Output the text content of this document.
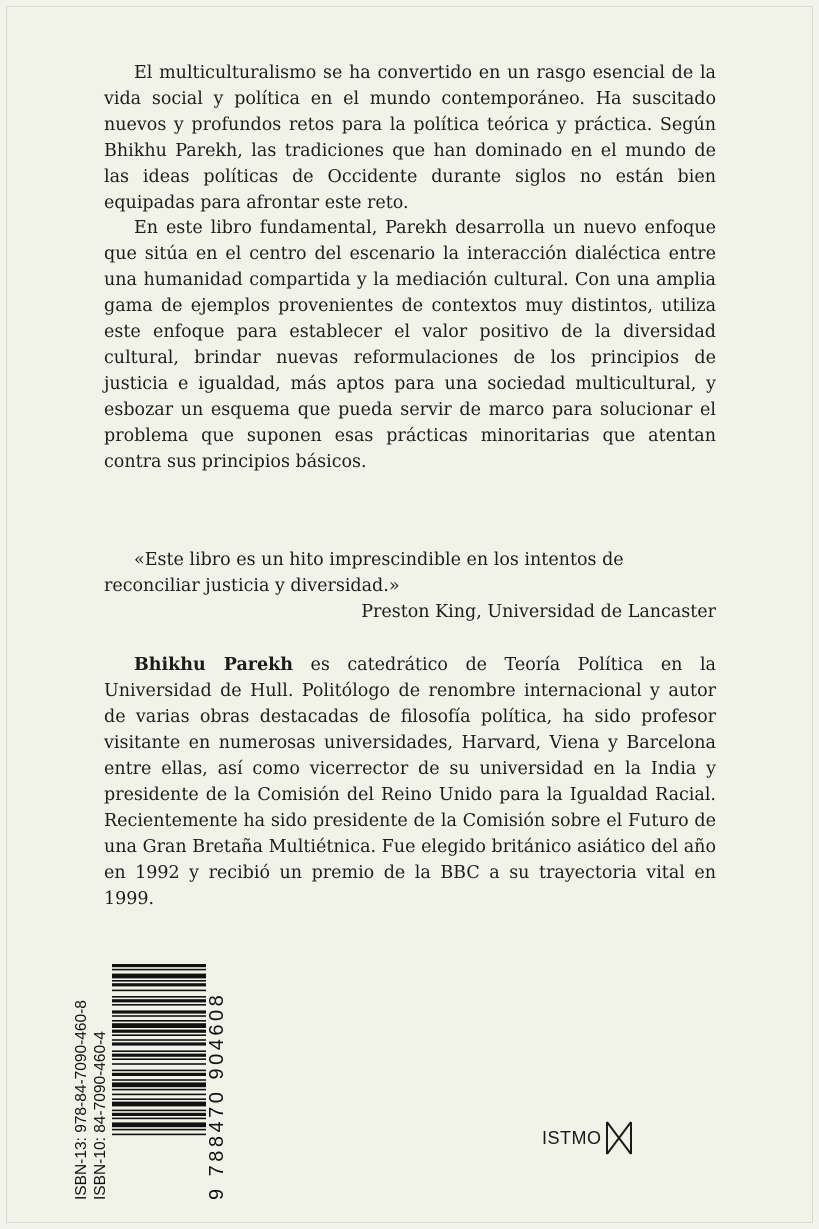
El multiculturalismo se ha convertido en un rasgo esencial de la vida social y política en el mundo contemporáneo. Ha suscitado nuevos y profundos retos para la política teórica y práctica. Según Bhikhu Parekh, las tradiciones que han dominado en el mundo de las ideas políticas de Occidente durante siglos no están bien equipadas para afrontar este reto.

En este libro fundamental, Parekh desarrolla un nuevo enfoque que sitúa en el centro del escenario la interacción dialéctica entre una humanidad compartida y la mediación cultural. Con una amplia gama de ejemplos provenientes de contextos muy distintos, utiliza este enfoque para establecer el valor positivo de la diversidad cultural, brindar nuevas reformulaciones de los principios de justicia e igualdad, más aptos para una sociedad multicultural, y esbozar un esquema que pueda servir de marco para solucionar el problema que suponen esas prácticas minoritarias que atentan contra sus principios básicos.

«Este libro es un hito imprescindible en los intentos de reconciliar justicia y diversidad.»

Preston King, Universidad de Lancaster

Bhikhu Parekh es catedrático de Teoría Política en la Universidad de Hull. Politólogo de renombre internacional y autor de varias obras destacadas de filosofía política, ha sido profesor visitante en numerosas universidades, Harvard, Viena y Barcelona entre ellas, así como vicerrector de su universidad en la India y presidente de la Comisión del Reino Unido para la Igualdad Racial. Recientemente ha sido presidente de la Comisión sobre el Futuro de una Gran Bretaña Multiétnica. Fue elegido británico asiático del año en 1992 y recibió un premio de la BBC a su trayectoria vital en 1999.

ISBN-13: 978-84-7090-460-8 ISBN-10: 84-7090-460-4	9 788470 904608	ISTMO
